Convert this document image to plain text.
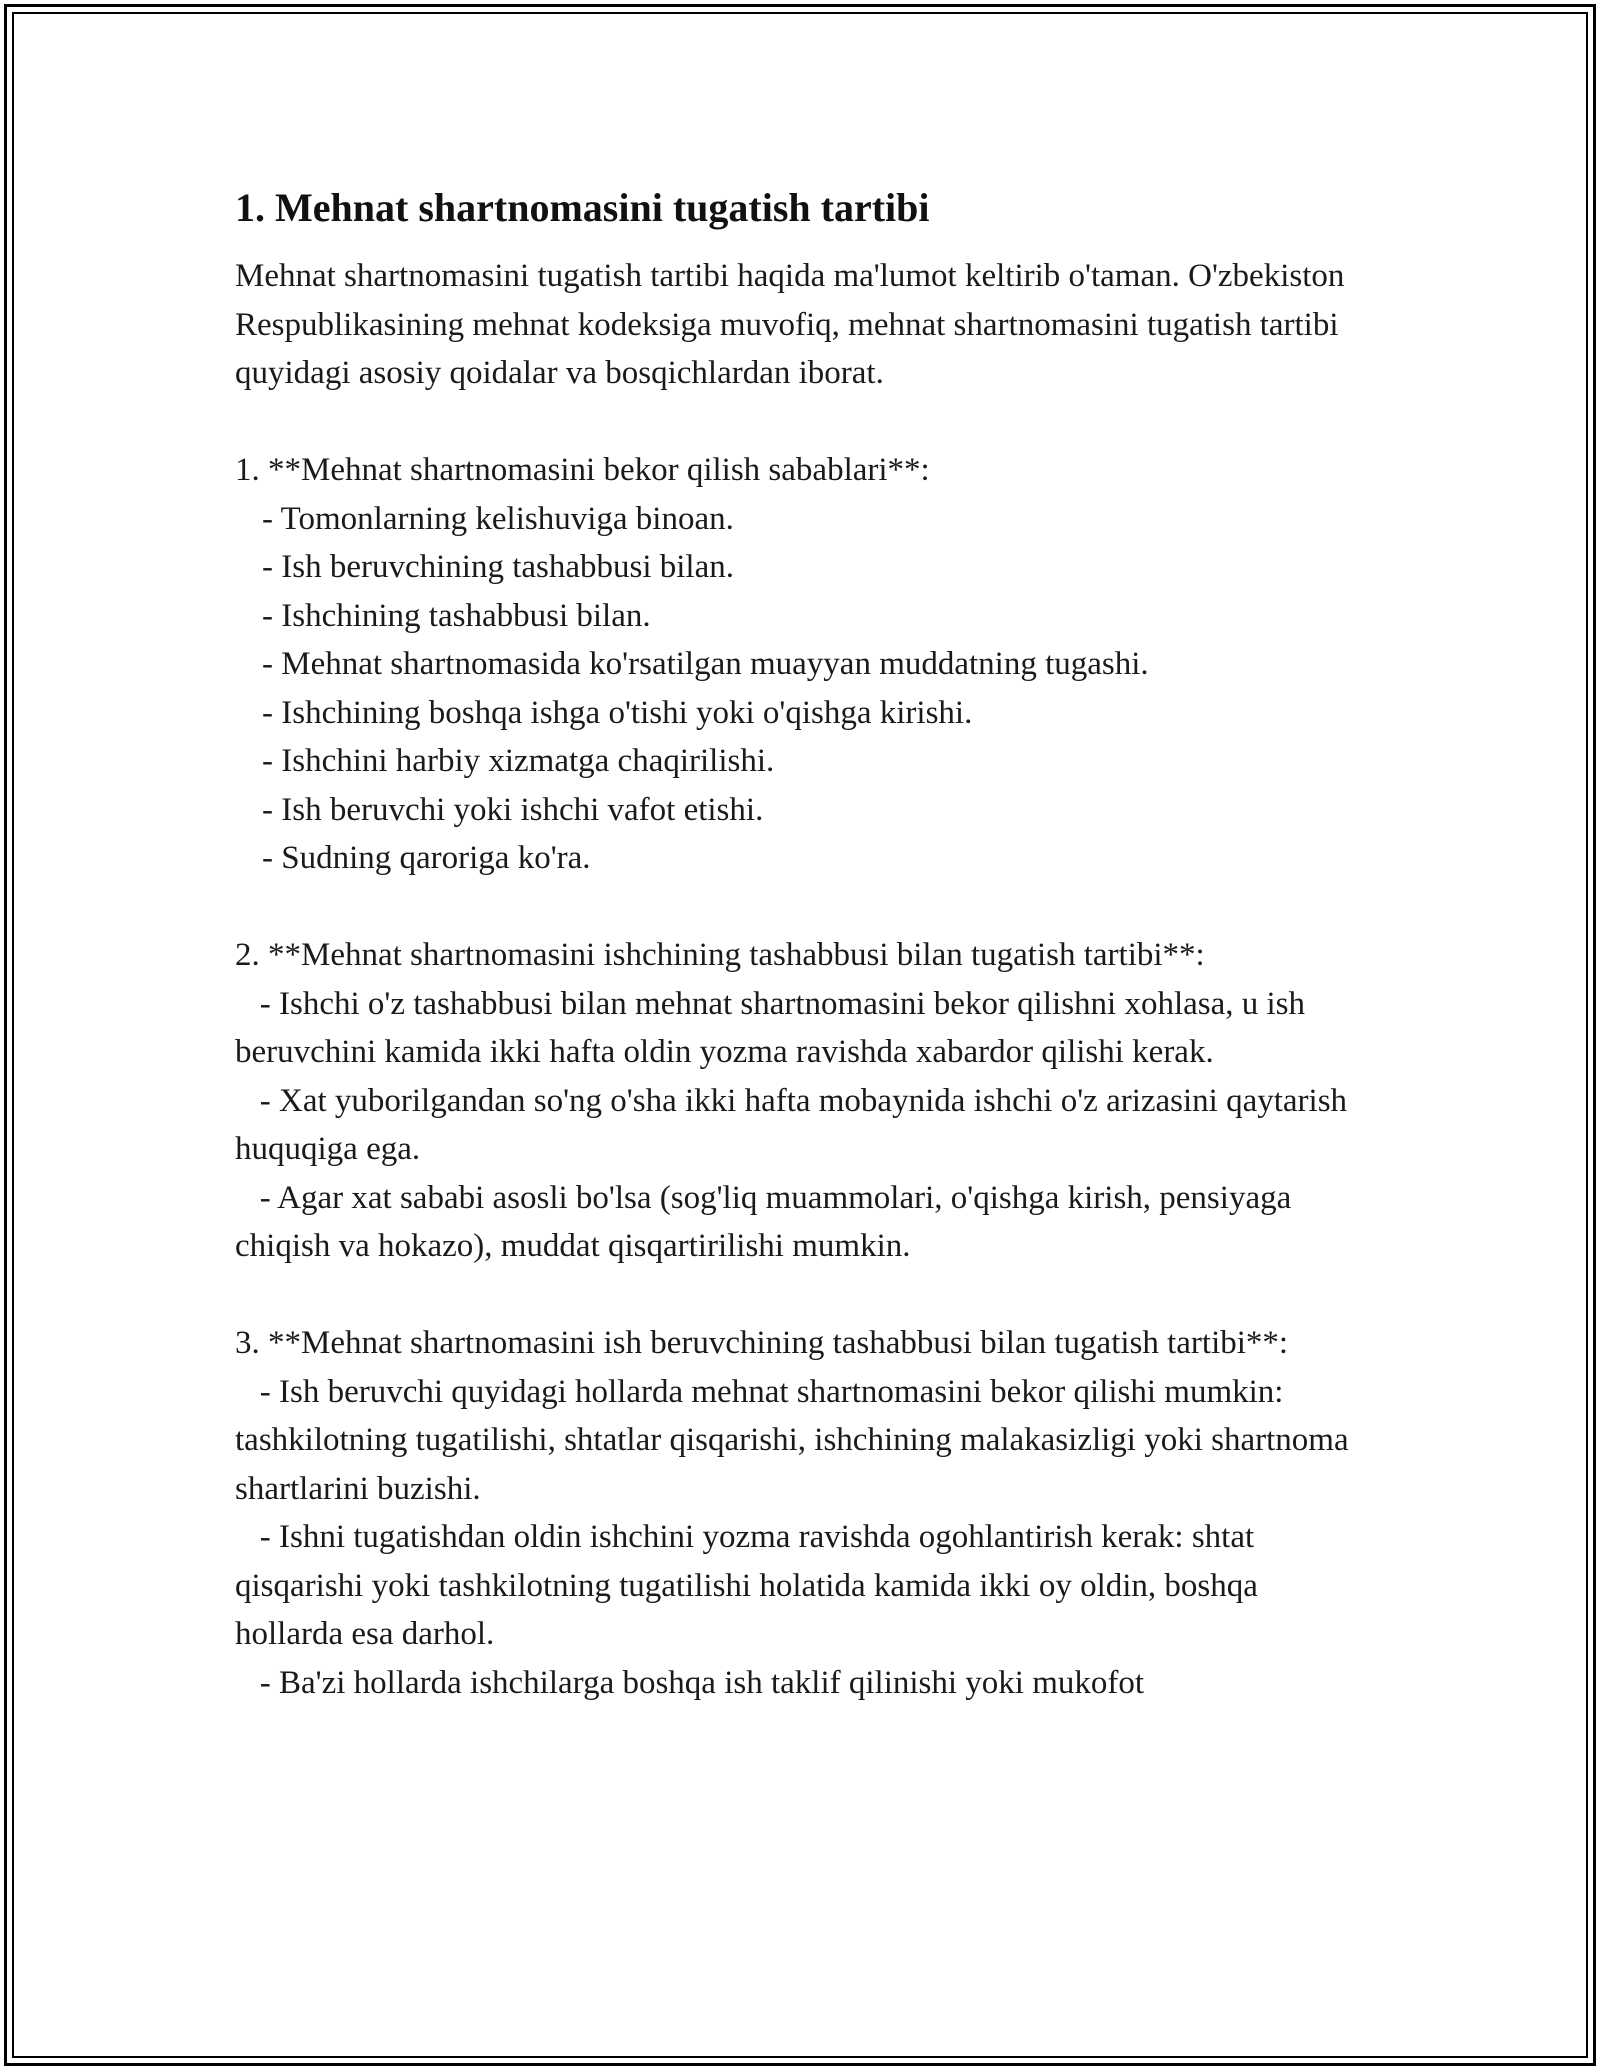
1. Mehnat shartnomasini tugatish tartibi

Mehnat shartnomasini tugatish tartibi haqida ma'lumot keltirib o'taman. O'zbekiston Respublikasining mehnat kodeksiga muvofiq, mehnat shartnomasini tugatish tartibi quyidagi asosiy qoidalar va bosqichlardan iborat.

1. **Mehnat shartnomasini bekor qilish sabablari**:

- Tomonlarning kelishuviga binoan.

- Ish beruvchining tashabbusi bilan.

- Ishchining tashabbusi bilan.

- Mehnat shartnomasida ko'rsatilgan muayyan muddatning tugashi.

- Ishchining boshqa ishga o'tishi yoki o'qishga kirishi.

- Ishchini harbiy xizmatga chaqirilishi.

- Ish beruvchi yoki ishchi vafot etishi.

- Sudning qaroriga ko'ra.

2. **Mehnat shartnomasini ishchining tashabbusi bilan tugatish tartibi**:

- Ishchi o'z tashabbusi bilan mehnat shartnomasini bekor qilishni xohlasa, u ish beruvchini kamida ikki hafta oldin yozma ravishda xabardor qilishi kerak.

- Xat yuborilgandan so'ng o'sha ikki hafta mobaynida ishchi o'z arizasini qaytarish huquqiga ega.

- Agar xat sababi asosli bo'lsa (sog'liq muammolari, o'qishga kirish, pensiyaga chiqish va hokazo), muddat qisqartirilishi mumkin.

3. **Mehnat shartnomasini ish beruvchining tashabbusi bilan tugatish tartibi**:

- Ish beruvchi quyidagi hollarda mehnat shartnomasini bekor qilishi mumkin: tashkilotning tugatilishi, shtatlar qisqarishi, ishchining malakasizligi yoki shartnoma shartlarini buzishi.

- Ishni tugatishdan oldin ishchini yozma ravishda ogohlantirish kerak: shtat qisqarishi yoki tashkilotning tugatilishi holatida kamida ikki oy oldin, boshqa hollarda esa darhol.

- Ba'zi hollarda ishchilarga boshqa ish taklif qilinishi yoki mukofot
